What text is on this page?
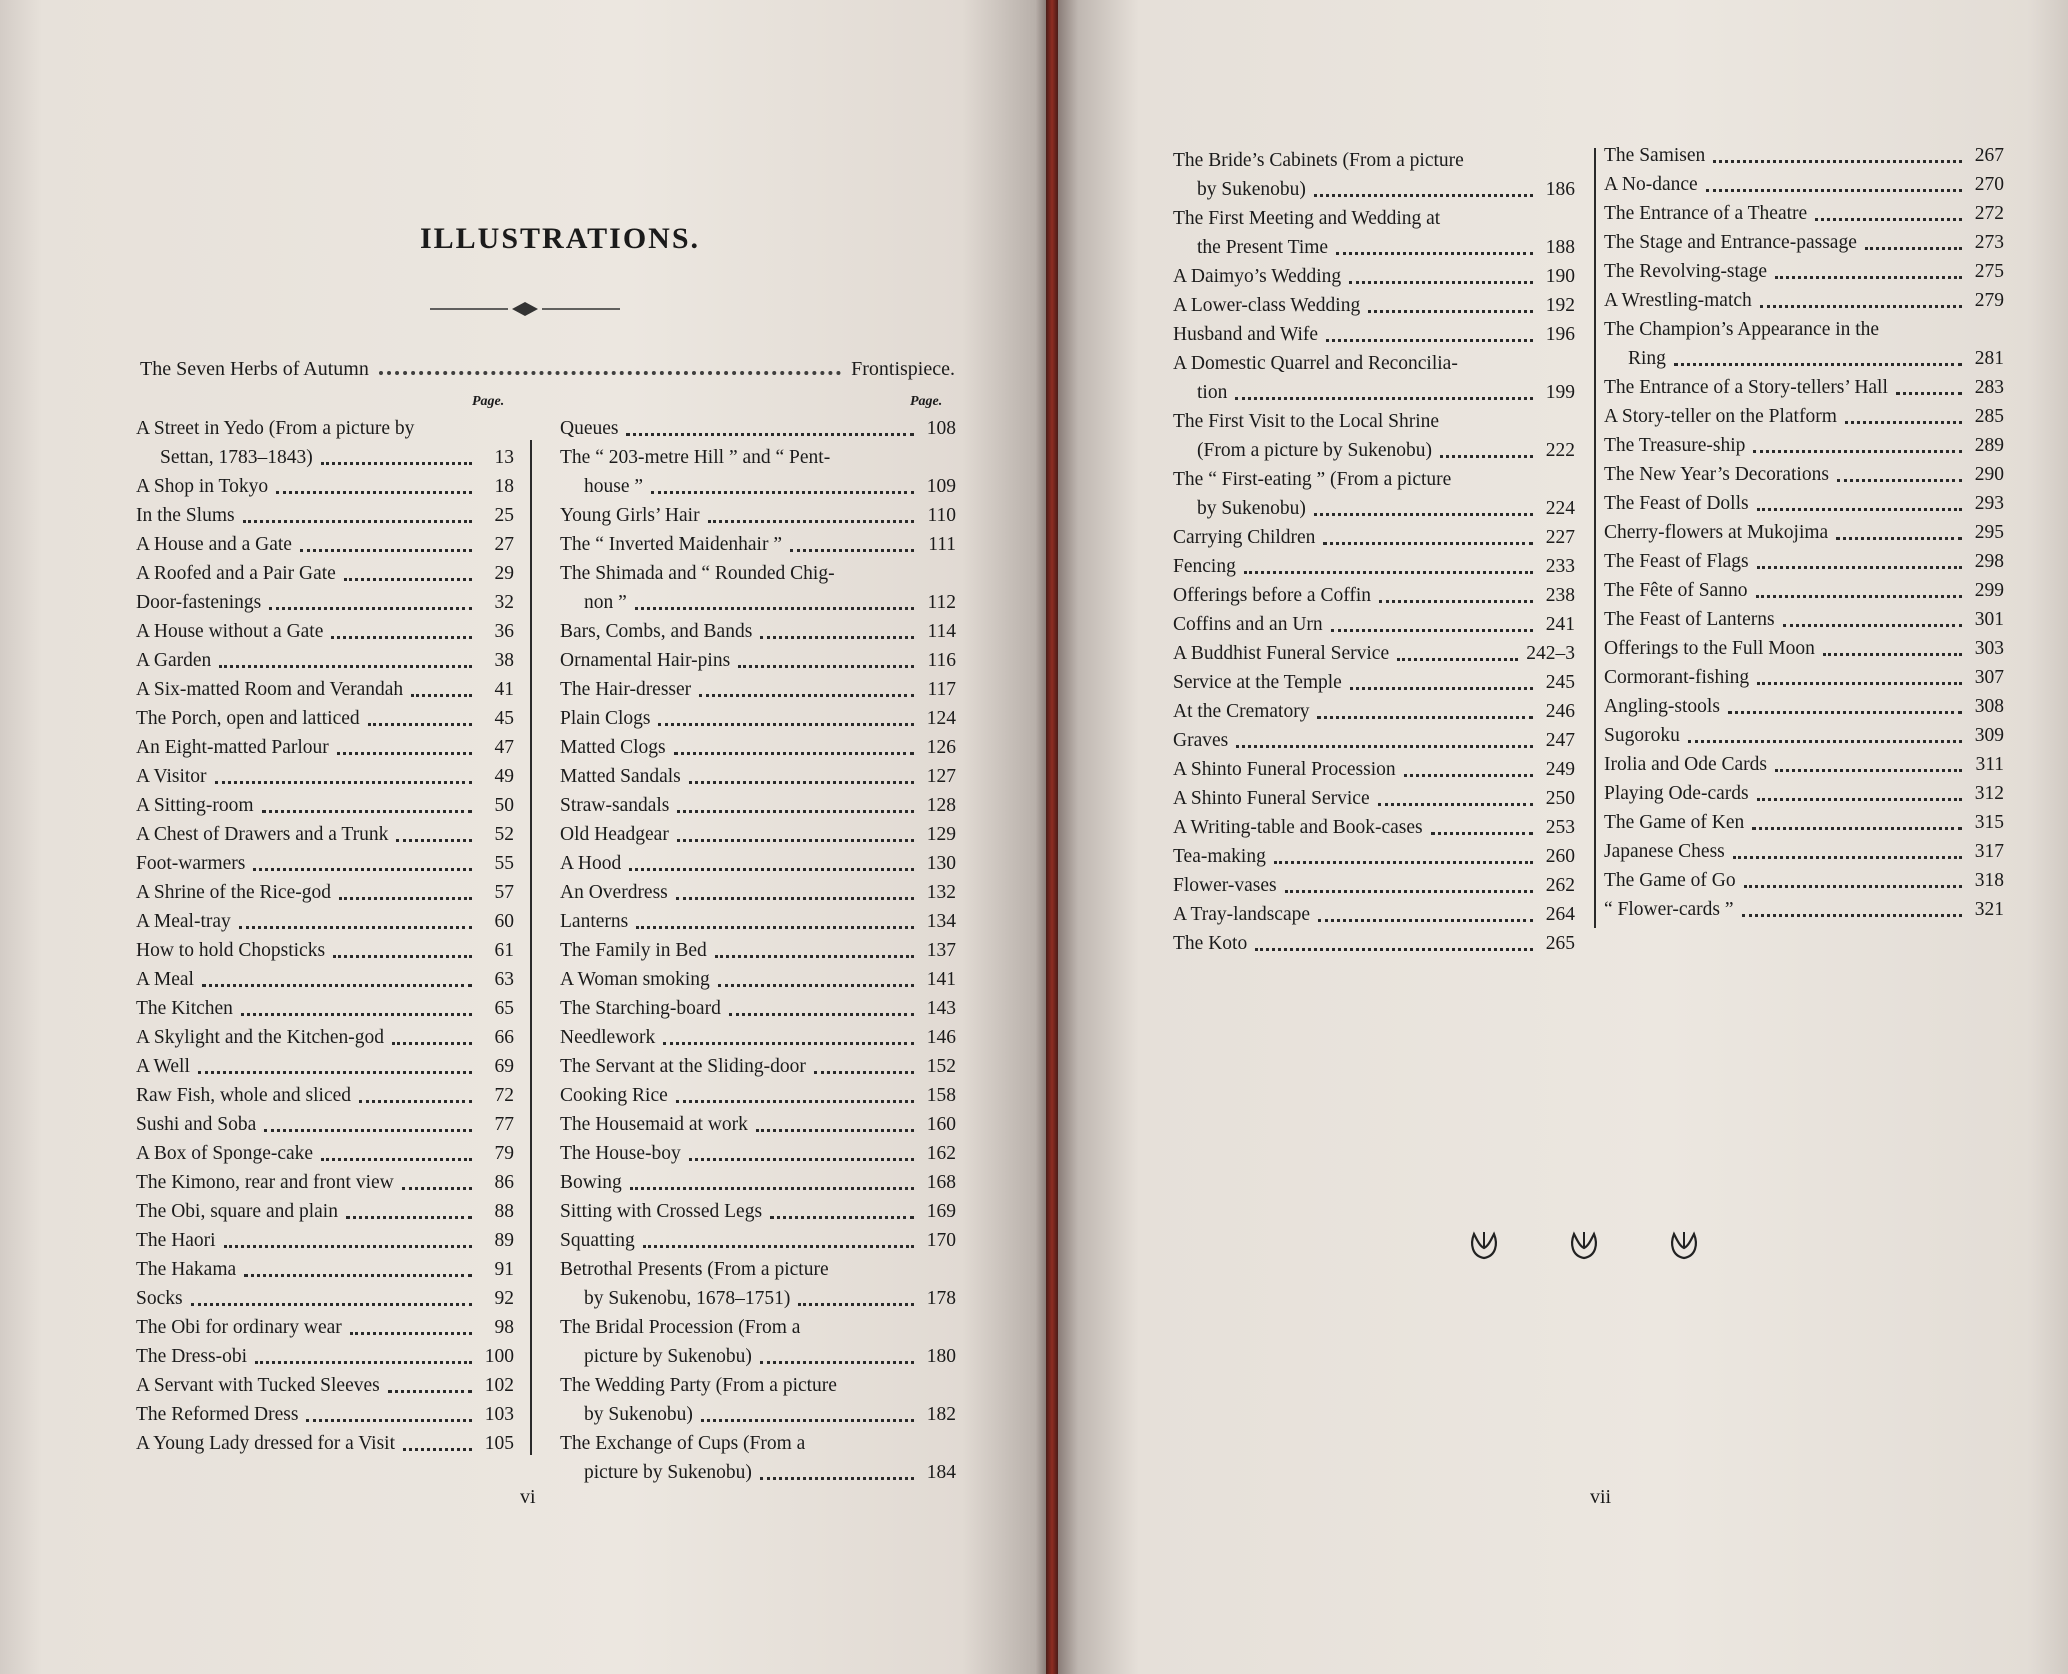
ILLUSTRATIONS.
The Seven Herbs of Autumn	Frontispiece.
Page.	Page.
A Street in Yedo (From a picture by
Settan, 1783–1843)	13
A Shop in Tokyo	18
In the Slums	25
A House and a Gate	27
A Roofed and a Pair Gate	29
Door-fastenings	32
A House without a Gate	36
A Garden	38
A Six-matted Room and Verandah	41
The Porch, open and latticed	45
An Eight-matted Parlour	47
A Visitor	49
A Sitting-room	50
A Chest of Drawers and a Trunk	52
Foot-warmers	55
A Shrine of the Rice-god	57
A Meal-tray	60
How to hold Chopsticks	61
A Meal	63
The Kitchen	65
A Skylight and the Kitchen-god	66
A Well	69
Raw Fish, whole and sliced	72
Sushi and Soba	77
A Box of Sponge-cake	79
The Kimono, rear and front view	86
The Obi, square and plain	88
The Haori	89
The Hakama	91
Socks	92
The Obi for ordinary wear	98
The Dress-obi	100
A Servant with Tucked Sleeves	102
The Reformed Dress	103
A Young Lady dressed for a Visit	105
Queues	108
The “ 203-metre Hill ” and “ Pent-
house ”	109
Young Girls’ Hair	110
The “ Inverted Maidenhair ”	111
The Shimada and “ Rounded Chig-
non ”	112
Bars, Combs, and Bands	114
Ornamental Hair-pins	116
The Hair-dresser	117
Plain Clogs	124
Matted Clogs	126
Matted Sandals	127
Straw-sandals	128
Old Headgear	129
A Hood	130
An Overdress	132
Lanterns	134
The Family in Bed	137
A Woman smoking	141
The Starching-board	143
Needlework	146
The Servant at the Sliding-door	152
Cooking Rice	158
The Housemaid at work	160
The House-boy	162
Bowing	168
Sitting with Crossed Legs	169
Squatting	170
Betrothal Presents (From a picture
by Sukenobu, 1678–1751)	178
The Bridal Procession (From a
picture by Sukenobu)	180
The Wedding Party (From a picture
by Sukenobu)	182
The Exchange of Cups (From a
picture by Sukenobu)	184
vi
The Bride’s Cabinets (From a picture
by Sukenobu)	186
The First Meeting and Wedding at
the Present Time	188
A Daimyo’s Wedding	190
A Lower-class Wedding	192
Husband and Wife	196
A Domestic Quarrel and Reconcilia-
tion	199
The First Visit to the Local Shrine
(From a picture by Sukenobu)	222
The “ First-eating ” (From a picture
by Sukenobu)	224
Carrying Children	227
Fencing	233
Offerings before a Coffin	238
Coffins and an Urn	241
A Buddhist Funeral Service	242–3
Service at the Temple	245
At the Crematory	246
Graves	247
A Shinto Funeral Procession	249
A Shinto Funeral Service	250
A Writing-table and Book-cases	253
Tea-making	260
Flower-vases	262
A Tray-landscape	264
The Koto	265
The Samisen	267
A No-dance	270
The Entrance of a Theatre	272
The Stage and Entrance-passage	273
The Revolving-stage	275
A Wrestling-match	279
The Champion’s Appearance in the
Ring	281
The Entrance of a Story-tellers’ Hall	283
A Story-teller on the Platform	285
The Treasure-ship	289
The New Year’s Decorations	290
The Feast of Dolls	293
Cherry-flowers at Mukojima	295
The Feast of Flags	298
The Fête of Sanno	299
The Feast of Lanterns	301
Offerings to the Full Moon	303
Cormorant-fishing	307
Angling-stools	308
Sugoroku	309
Irolia and Ode Cards	311
Playing Ode-cards	312
The Game of Ken	315
Japanese Chess	317
The Game of Go	318
“ Flower-cards ”	321
vii
